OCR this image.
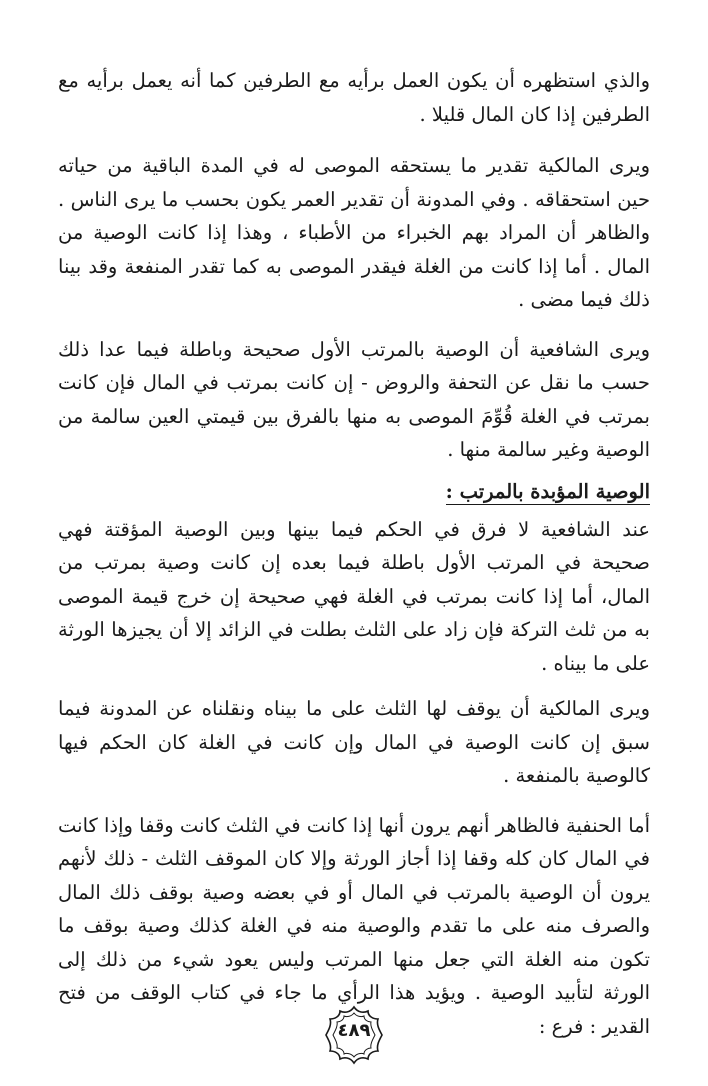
والذي استظهره أن يكون العمل برأيه مع الطرفين كما أنه يعمل برأيه مع الطرفين إذا كان المال قليلا .

ويرى المالكية تقدير ما يستحقه الموصى له في المدة الباقية من حياته حين استحقاقه . وفي المدونة أن تقدير العمر يكون بحسب ما يرى الناس . والظاهر أن المراد بهم الخبراء من الأطباء ، وهذا إذا كانت الوصية من المال . أما إذا كانت من الغلة فيقدر الموصى به كما تقدر المنفعة وقد بينا ذلك فيما مضى .

ويرى الشافعية أن الوصية بالمرتب الأول صحيحة وباطلة فيما عدا ذلك حسب ما نقل عن التحفة والروض - إن كانت بمرتب في المال فإن كانت بمرتب في الغلة قُوِّمَ الموصى به منها بالفرق بين قيمتي العين سالمة من الوصية وغير سالمة منها .

الوصية المؤبدة بالمرتب :

عند الشافعية لا فرق في الحكم فيما بينها وبين الوصية المؤقتة فهي صحيحة في المرتب الأول باطلة فيما بعده إن كانت وصية بمرتب من المال، أما إذا كانت بمرتب في الغلة فهي صحيحة إن خرج قيمة الموصى به من ثلث التركة فإن زاد على الثلث بطلت في الزائد إلا أن يجيزها الورثة على ما بيناه .

ويرى المالكية أن يوقف لها الثلث على ما بيناه ونقلناه عن المدونة فيما سبق إن كانت الوصية في المال وإن كانت في الغلة كان الحكم فيها كالوصية بالمنفعة .

أما الحنفية فالظاهر أنهم يرون أنها إذا كانت في الثلث كانت وقفا وإذا كانت في المال كان كله وقفا إذا أجاز الورثة وإلا كان الموقف الثلث - ذلك لأنهم يرون أن الوصية بالمرتب في المال أو في بعضه وصية بوقف ذلك المال والصرف منه على ما تقدم والوصية منه في الغلة كذلك وصية بوقف ما تكون منه الغلة التي جعل منها المرتب وليس يعود شيء من ذلك إلى الورثة لتأبيد الوصية . ويؤيد هذا الرأي ما جاء في كتاب الوقف من فتح القدير : فرع :

٤٨٩
